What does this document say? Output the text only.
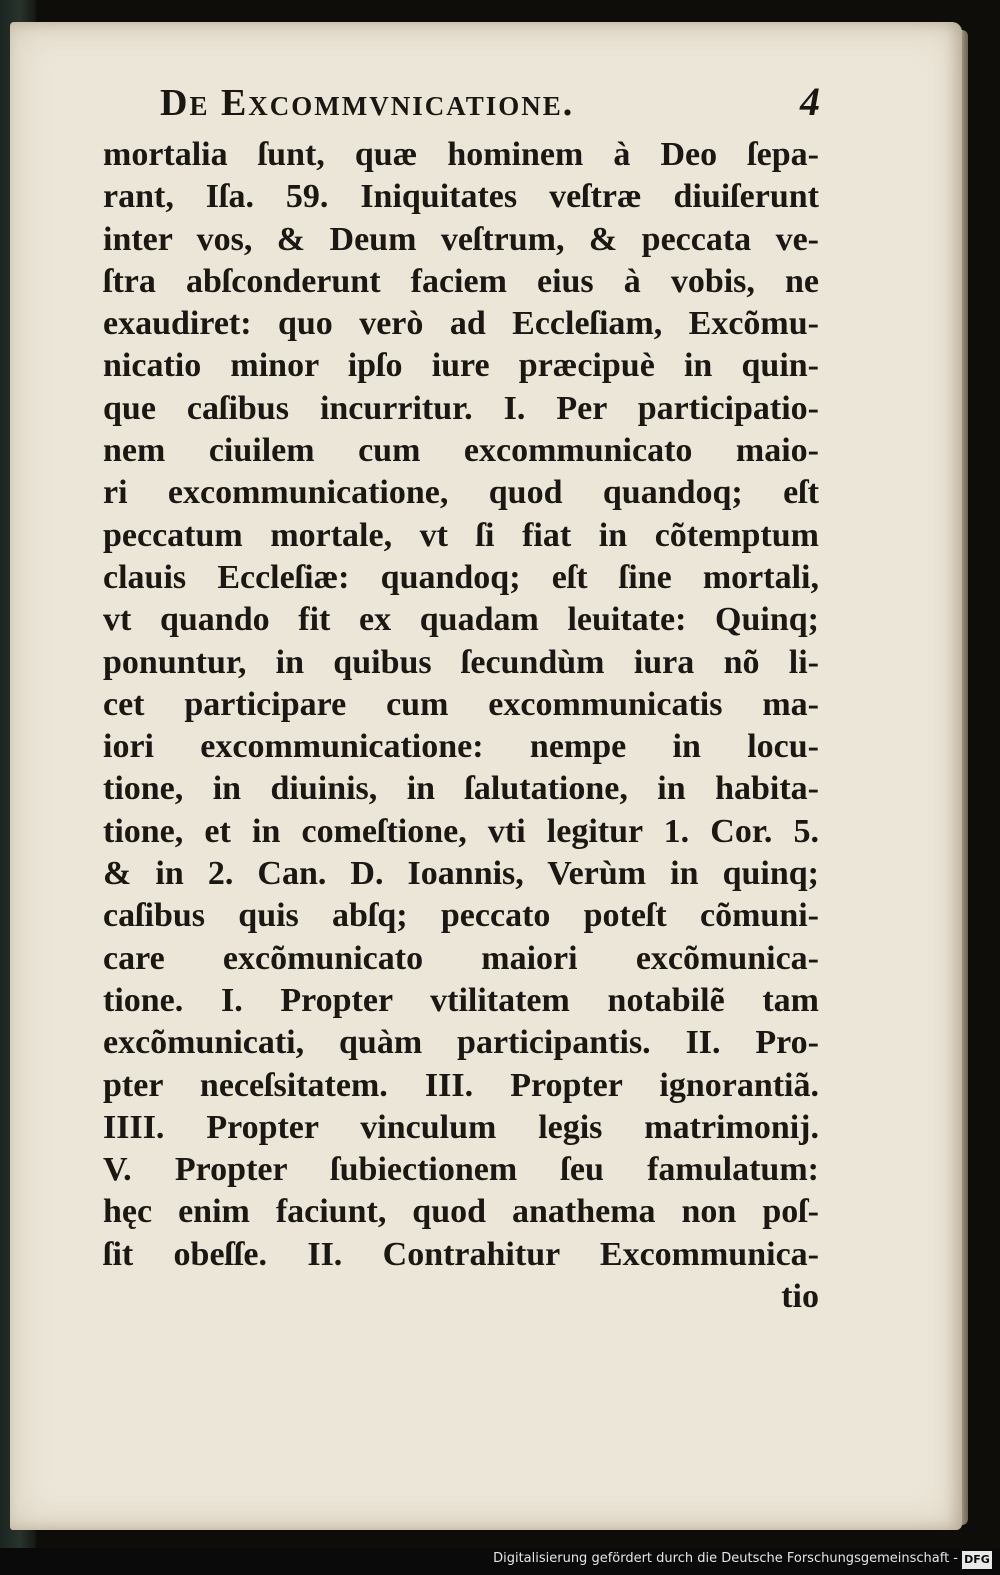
De Excommvnicatione.	4
mortalia ſunt, quæ hominem à Deo ſepa-
rant, Iſa. 59. Iniquitates veſtræ diuiſerunt
inter vos, & Deum veſtrum, & peccata ve-
ſtra abſconderunt faciem eius à vobis, ne
exaudiret: quo verò ad Eccleſiam, Excõmu-
nicatio minor ipſo iure præcipuè in quin-
que caſibus incurritur. I. Per participatio-
nem ciuilem cum excommunicato maio-
ri excommunicatione, quod quandoq; eſt
peccatum mortale, vt ſi fiat in cõtemptum
clauis Eccleſiæ: quandoq; eſt ſine mortali,
vt quando fit ex quadam leuitate: Quinq;
ponuntur, in quibus ſecundùm iura nõ li-
cet participare cum excommunicatis ma-
iori excommunicatione: nempe in locu-
tione, in diuinis, in ſalutatione, in habita-
tione, et in comeſtione, vti legitur 1. Cor. 5.
& in 2. Can. D. Ioannis, Verùm in quinq;
caſibus quis abſq; peccato poteſt cõmuni-
care excõmunicato maiori excõmunica-
tione. I. Propter vtilitatem notabilẽ tam
excõmunicati, quàm participantis. II. Pro-
pter neceſsitatem. III. Propter ignorantiã.
IIII. Propter vinculum legis matrimonij.
V. Propter ſubiectionem ſeu famulatum:
hęc enim faciunt, quod anathema non poſ-
ſit obeſſe. II. Contrahitur Excommunica-
tio
Digitalisierung gefördert durch die Deutsche Forschungsgemeinschaft - DFG
